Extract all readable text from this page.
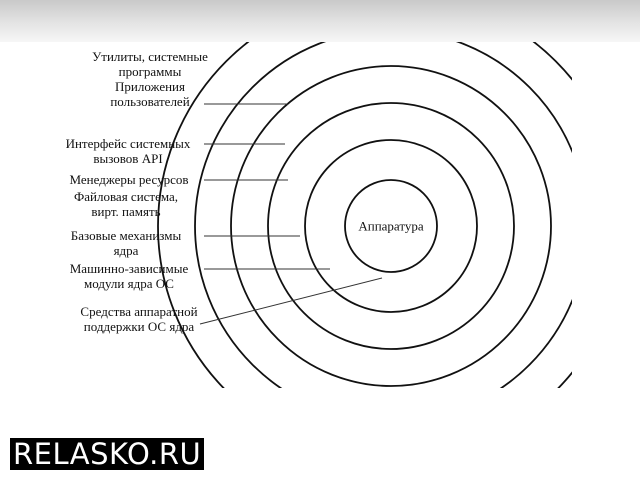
Аппаратура
Утилиты, системные
программы
Приложения
пользователей
Интерфейс системных
вызовов API
Менеджеры ресурсов
Файловая система,
вирт. память
Базовые механизмы
ядра
Машинно-зависимые
модули ядра ОС
Средства аппаратной
поддержки ОС ядра
RELASKO.RU
